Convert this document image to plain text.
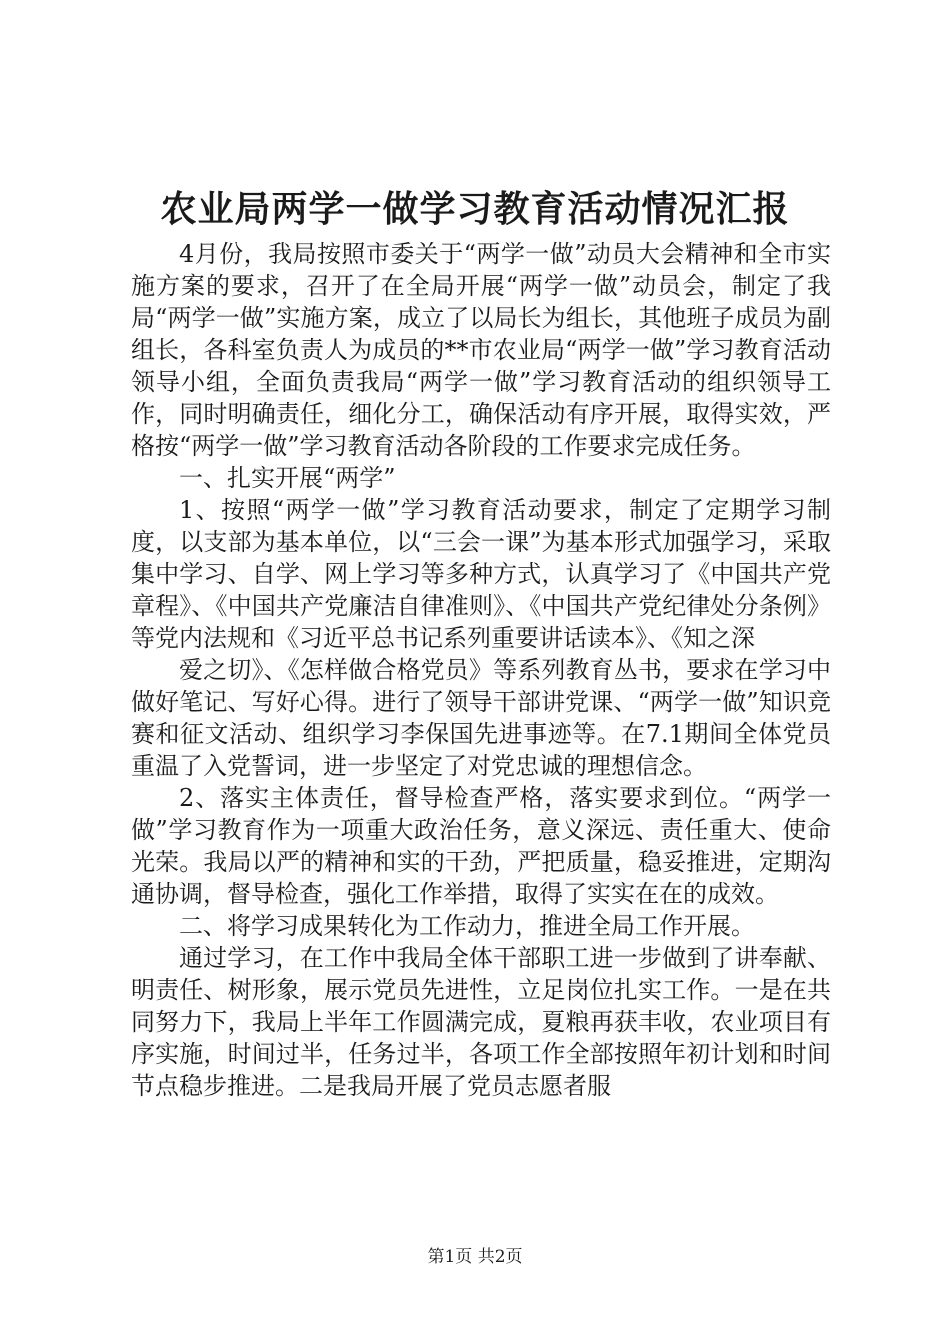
农业局两学一做学习教育活动情况汇报

4月份，我局按照市委关于“两学一做”动员大会精神和全市实施方案的要求，召开了在全局开展“两学一做”动员会，制定了我局“两学一做”实施方案，成立了以局长为组长，其他班子成员为副组长，各科室负责人为成员的**市农业局“两学一做”学习教育活动领导小组，全面负责我局“两学一做”学习教育活动的组织领导工作，同时明确责任，细化分工，确保活动有序开展，取得实效，严格按“两学一做”学习教育活动各阶段的工作要求完成任务。

一、扎实开展“两学”

1、按照“两学一做”学习教育活动要求，制定了定期学习制度，以支部为基本单位，以“三会一课”为基本形式加强学习，采取集中学习、自学、网上学习等多种方式，认真学习了《中国共产党章程》、《中国共产党廉洁自律准则》、《中国共产党纪律处分条例》等党内法规和《习近平总书记系列重要讲话读本》、《知之深

爱之切》、《怎样做合格党员》等系列教育丛书，要求在学习中做好笔记、写好心得。进行了领导干部讲党课、“两学一做”知识竞赛和征文活动、组织学习李保国先进事迹等。在7.1期间全体党员重温了入党誓词，进一步坚定了对党忠诚的理想信念。

2、落实主体责任，督导检查严格，落实要求到位。“两学一做”学习教育作为一项重大政治任务，意义深远、责任重大、使命光荣。我局以严的精神和实的干劲，严把质量，稳妥推进，定期沟通协调，督导检查，强化工作举措，取得了实实在在的成效。

二、将学习成果转化为工作动力，推进全局工作开展。

通过学习，在工作中我局全体干部职工进一步做到了讲奉献、明责任、树形象，展示党员先进性，立足岗位扎实工作。一是在共同努力下，我局上半年工作圆满完成，夏粮再获丰收，农业项目有序实施，时间过半，任务过半，各项工作全部按照年初计划和时间节点稳步推进。二是我局开展了党员志愿者服

第1页 共2页
